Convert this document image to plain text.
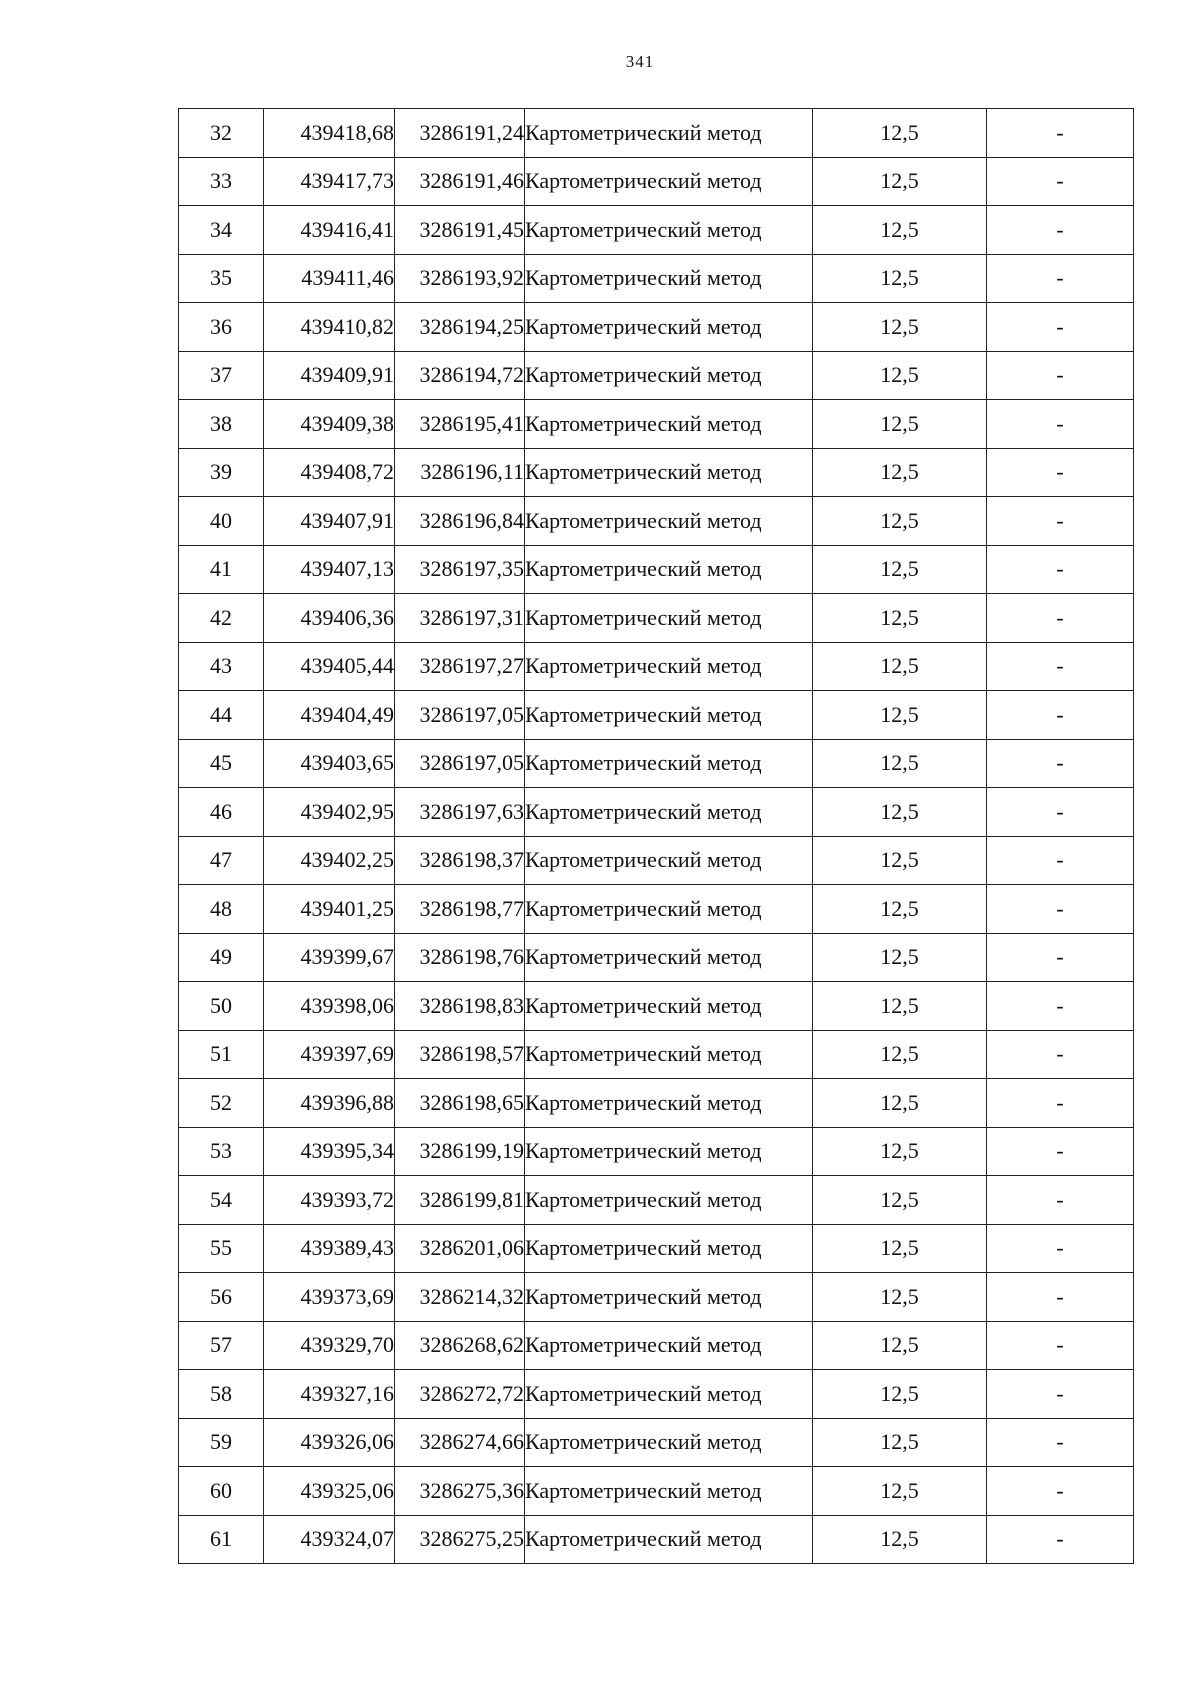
341
32	439418,68	3286191,24	Картометрический метод	12,5	-
33	439417,73	3286191,46	Картометрический метод	12,5	-
34	439416,41	3286191,45	Картометрический метод	12,5	-
35	439411,46	3286193,92	Картометрический метод	12,5	-
36	439410,82	3286194,25	Картометрический метод	12,5	-
37	439409,91	3286194,72	Картометрический метод	12,5	-
38	439409,38	3286195,41	Картометрический метод	12,5	-
39	439408,72	3286196,11	Картометрический метод	12,5	-
40	439407,91	3286196,84	Картометрический метод	12,5	-
41	439407,13	3286197,35	Картометрический метод	12,5	-
42	439406,36	3286197,31	Картометрический метод	12,5	-
43	439405,44	3286197,27	Картометрический метод	12,5	-
44	439404,49	3286197,05	Картометрический метод	12,5	-
45	439403,65	3286197,05	Картометрический метод	12,5	-
46	439402,95	3286197,63	Картометрический метод	12,5	-
47	439402,25	3286198,37	Картометрический метод	12,5	-
48	439401,25	3286198,77	Картометрический метод	12,5	-
49	439399,67	3286198,76	Картометрический метод	12,5	-
50	439398,06	3286198,83	Картометрический метод	12,5	-
51	439397,69	3286198,57	Картометрический метод	12,5	-
52	439396,88	3286198,65	Картометрический метод	12,5	-
53	439395,34	3286199,19	Картометрический метод	12,5	-
54	439393,72	3286199,81	Картометрический метод	12,5	-
55	439389,43	3286201,06	Картометрический метод	12,5	-
56	439373,69	3286214,32	Картометрический метод	12,5	-
57	439329,70	3286268,62	Картометрический метод	12,5	-
58	439327,16	3286272,72	Картометрический метод	12,5	-
59	439326,06	3286274,66	Картометрический метод	12,5	-
60	439325,06	3286275,36	Картометрический метод	12,5	-
61	439324,07	3286275,25	Картометрический метод	12,5	-
